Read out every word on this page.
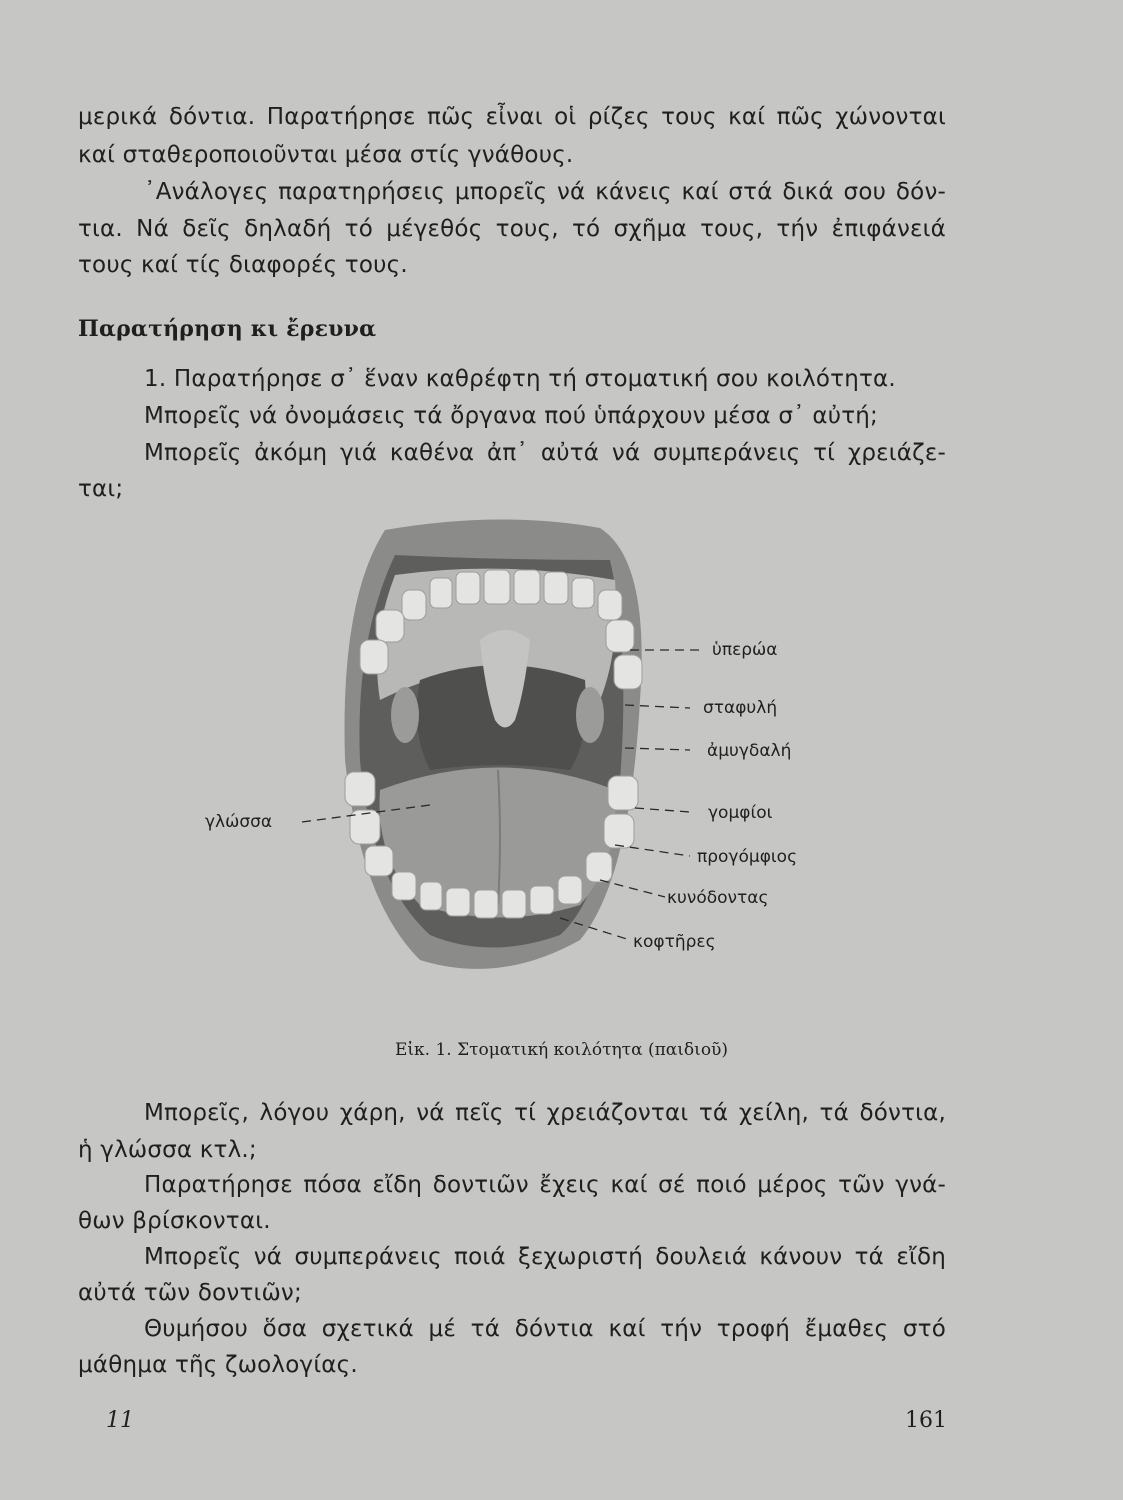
μερικά δόντια. Παρατήρησε πῶς εἶναι οἱ ρίζες τους καί πῶς χώνονται
καί σταθεροποιοῦνται μέσα στίς γνάθους.
᾽Ανάλογες παρατηρήσεις μπορεῖς νά κάνεις καί στά δικά σου δόν-
τια. Νά δεῖς δηλαδή τό μέγεθός τους, τό σχῆμα τους, τήν ἐπιφάνειά
τους καί τίς διαφορές τους.
Παρατήρηση κι ἔρευνα
1. Παρατήρησε σ᾽ ἕναν καθρέφτη τή στοματική σου κοιλότητα.
Μπορεῖς νά ὀνομάσεις τά ὄργανα πού ὑπάρχουν μέσα σ᾽ αὐτή;
Μπορεῖς ἀκόμη γιά καθένα ἀπ᾽ αὐτά νά συμπεράνεις τί χρειάζε-
ται;
ὑπερώα
σταφυλή
ἀμυγδαλή
γλώσσα	γομφίοι
προγόμφιος
κυνόδοντας
κοφτῆρες
Εἰκ. 1. Στοματική κοιλότητα (παιδιοῦ)
Μπορεῖς, λόγου χάρη, νά πεῖς τί χρειάζονται τά χείλη, τά δόντια,
ἡ γλώσσα κτλ.;
Παρατήρησε πόσα εἴδη δοντιῶν ἔχεις καί σέ ποιό μέρος τῶν γνά-
θων βρίσκονται.
Μπορεῖς νά συμπεράνεις ποιά ξεχωριστή δουλειά κάνουν τά εἴδη
αὐτά τῶν δοντιῶν;
Θυμήσου ὅσα σχετικά μέ τά δόντια καί τήν τροφή ἔμαθες στό
μάθημα τῆς ζωολογίας.
11	161
